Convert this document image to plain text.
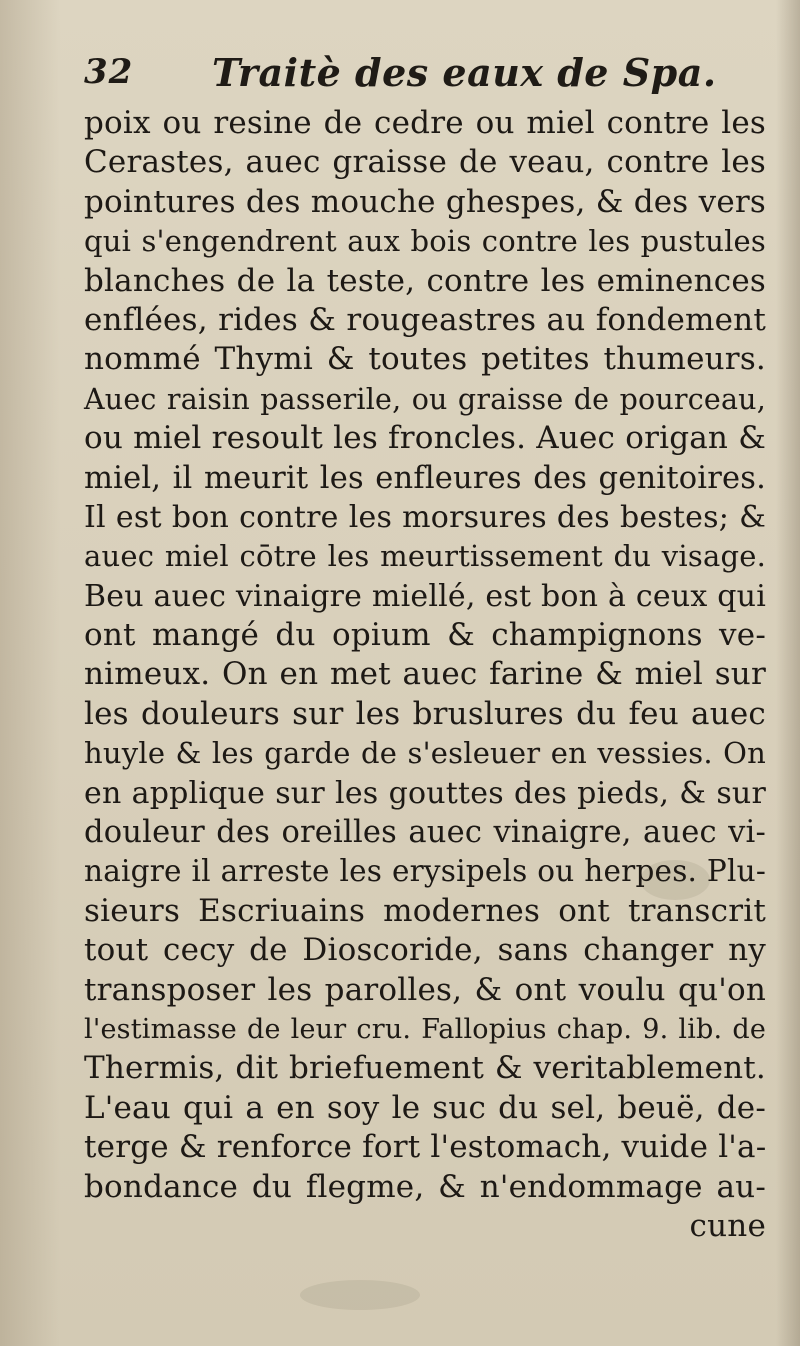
32 Traitè des eaux de Spa.
poix ou resine de cedre ou miel contre les
Cerastes, auec graisse de veau, contre les
pointures des mouche ghespes, & des vers
qui s'engendrent aux bois contre les pustules
blanches de la teste, contre les eminences
enflées, rides & rougeastres au fondement
nommé Thymi & toutes petites thumeurs.
Auec raisin passerile, ou graisse de pourceau,
ou miel resoult les froncles. Auec origan &
miel, il meurit les enfleures des genitoires.
Il est bon contre les morsures des bestes; &
auec miel cōtre les meurtissement du visage.
Beu auec vinaigre miellé, est bon à ceux qui
ont mangé du opium & champignons ve-
nimeux. On en met auec farine & miel sur
les douleurs sur les bruslures du feu auec
huyle & les garde de s'esleuer en vessies. On
en applique sur les gouttes des pieds, & sur
douleur des oreilles auec vinaigre, auec vi-
naigre il arreste les erysipels ou herpes. Plu-
sieurs Escriuains modernes ont transcrit
tout cecy de Dioscoride, sans changer ny
transposer les parolles, & ont voulu qu'on
l'estimasse de leur cru. Fallopius chap. 9. lib. de
Thermis, dit briefuement & veritablement.
L'eau qui a en soy le suc du sel, beuë, de-
terge & renforce fort l'estomach, vuide l'a-
bondance du flegme, & n'endommage au-
cune
